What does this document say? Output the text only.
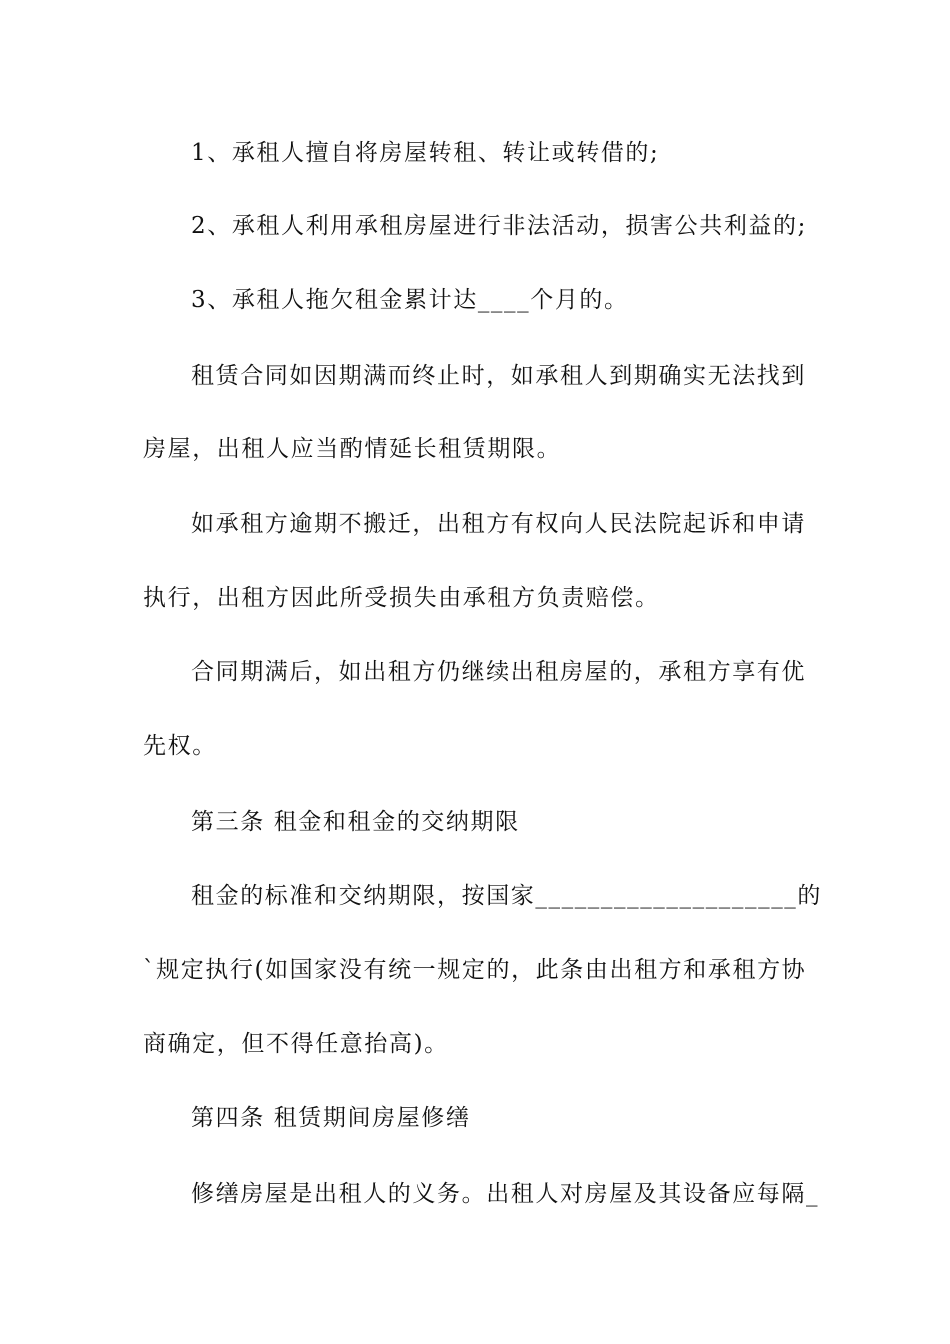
1、承租人擅自将房屋转租、转让或转借的;
2、承租人利用承租房屋进行非法活动，损害公共利益的;
3、承租人拖欠租金累计达____个月的。
租赁合同如因期满而终止时，如承租人到期确实无法找到
房屋，出租人应当酌情延长租赁期限。
如承租方逾期不搬迁，出租方有权向人民法院起诉和申请
执行，出租方因此所受损失由承租方负责赔偿。
合同期满后，如出租方仍继续出租房屋的，承租方享有优
先权。
第三条 租金和租金的交纳期限
租金的标准和交纳期限，按国家____________________的
`规定执行(如国家没有统一规定的，此条由出租方和承租方协
商确定，但不得任意抬高)。
第四条 租赁期间房屋修缮
修缮房屋是出租人的义务。出租人对房屋及其设备应每隔_
